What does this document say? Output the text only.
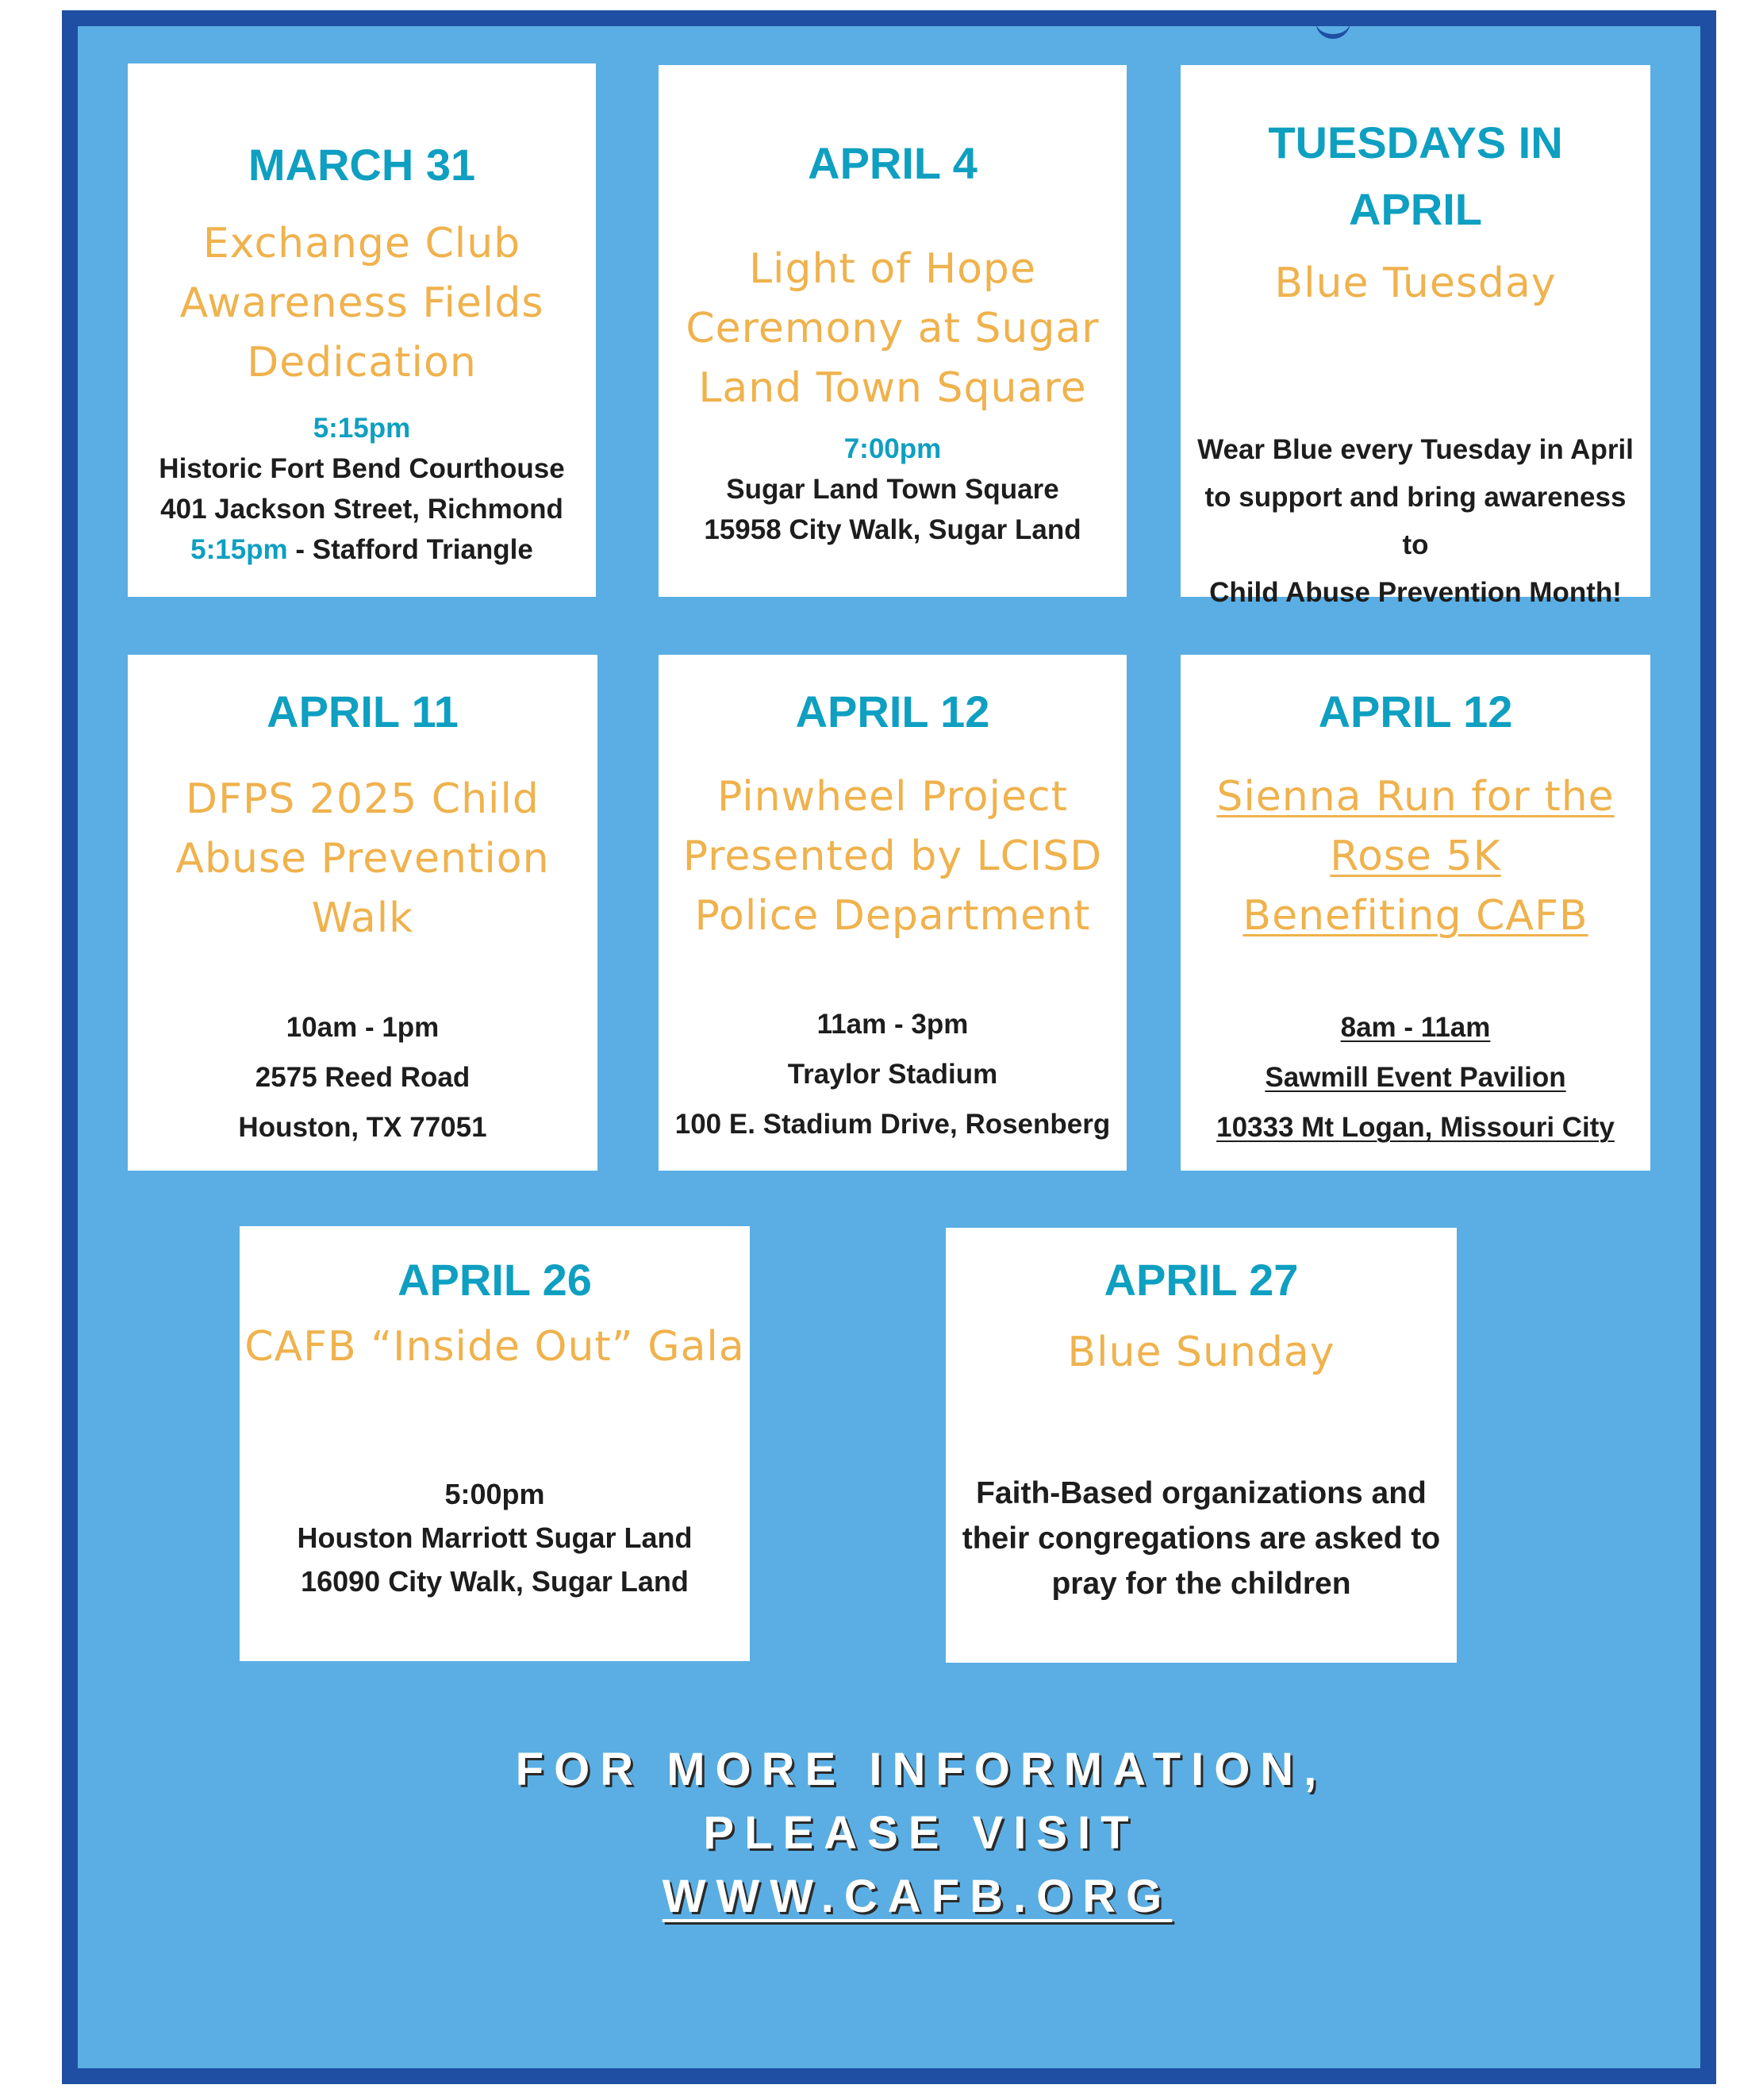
MARCH 31
Exchange Club
Awareness Fields
Dedication
5:15pm
Historic Fort Bend Courthouse
401 Jackson Street, Richmond
5:15pm - Stafford Triangle
APRIL 4
Light of Hope
Ceremony at Sugar
Land Town Square
7:00pm
Sugar Land Town Square
15958 City Walk, Sugar Land
TUESDAYS IN
APRIL
Blue Tuesday
Wear Blue every Tuesday in April
to support and bring awareness
to
Child Abuse Prevention Month!
APRIL 11
DFPS 2025 Child
Abuse Prevention
Walk
10am - 1pm
2575 Reed Road
Houston, TX 77051
APRIL 12
Pinwheel Project
Presented by LCISD
Police Department
11am - 3pm
Traylor Stadium
100 E. Stadium Drive, Rosenberg
APRIL 12
Sienna Run for the
Rose 5K
Benefiting CAFB
8am - 11am
Sawmill Event Pavilion
10333 Mt Logan, Missouri City
APRIL 26
CAFB “Inside Out” Gala
5:00pm
Houston Marriott Sugar Land
16090 City Walk, Sugar Land
APRIL 27
Blue Sunday
Faith-Based organizations and
their congregations are asked to
pray for the children
FOR MORE INFORMATION,
PLEASE VISIT
WWW.CAFB.ORG
